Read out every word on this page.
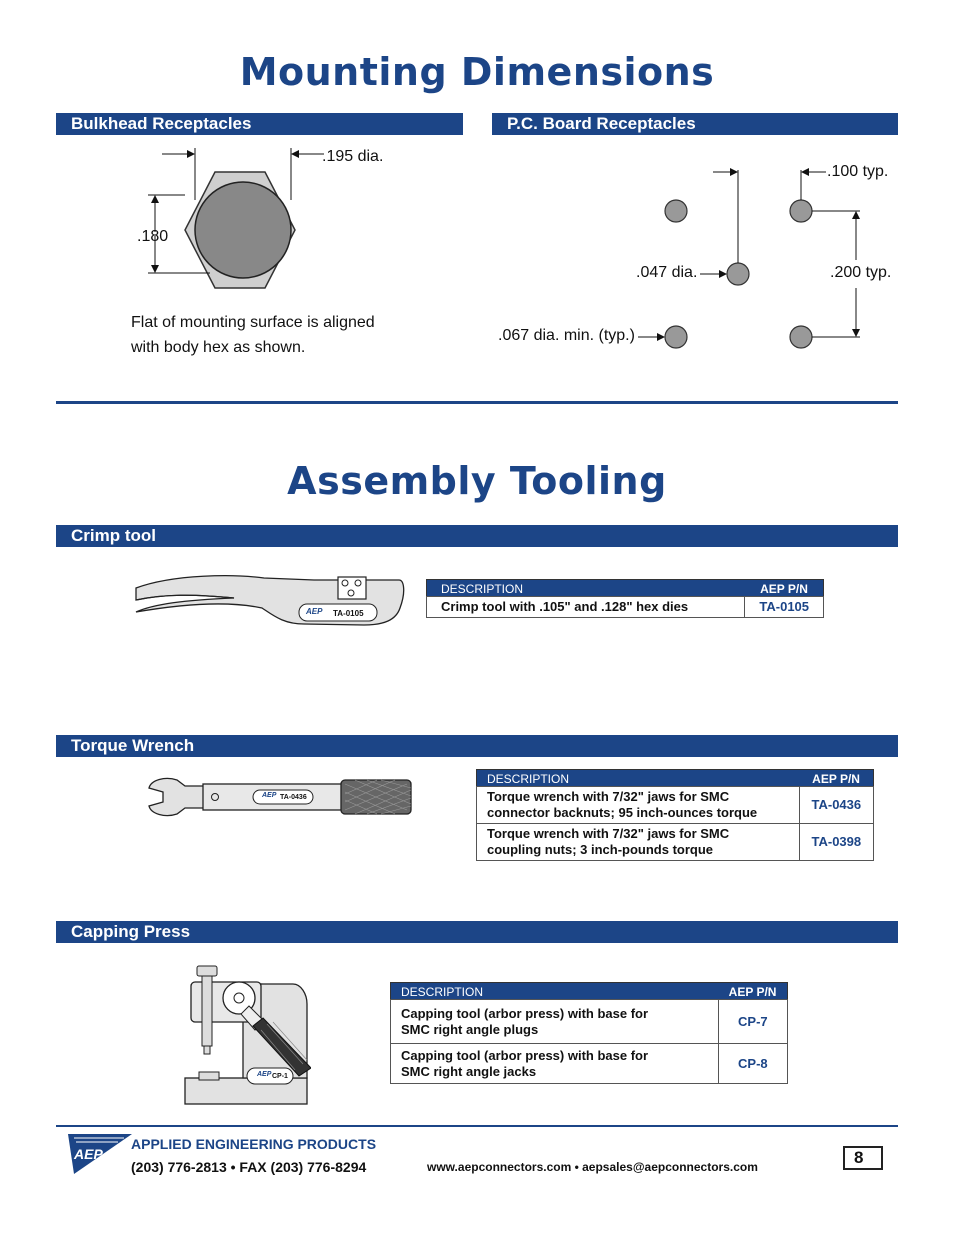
Mounting Dimensions
Bulkhead Receptacles	P.C. Board Receptacles
.195 dia.
.180
Flat of mounting surface is aligned
with body hex as shown.
.100 typ.
.047 dia.	.200 typ.
.067 dia. min. (typ.)
Assembly Tooling
Crimp tool
AEP TA-0105
DESCRIPTION	AEP P/N
Crimp tool with .105" and .128" hex dies	TA-0105
Torque Wrench
AEP TA-0436
DESCRIPTION	AEP P/N

Torque wrench with 7/32" jaws for SMC
connector backnuts; 95 inch-ounces torque	TA-0436

Torque wrench with 7/32" jaws for SMC
coupling nuts; 3 inch-pounds torque	TA-0398
Capping Press
AEP CP-1
DESCRIPTION	AEP P/N

Capping tool (arbor press) with base for
SMC right angle plugs	CP-7

Capping tool (arbor press) with base for
SMC right angle jacks	CP-8
AEP
APPLIED ENGINEERING PRODUCTS
(203) 776-2813 • FAX (203) 776-8294	www.aepconnectors.com • aepsales@aepconnectors.com	8
